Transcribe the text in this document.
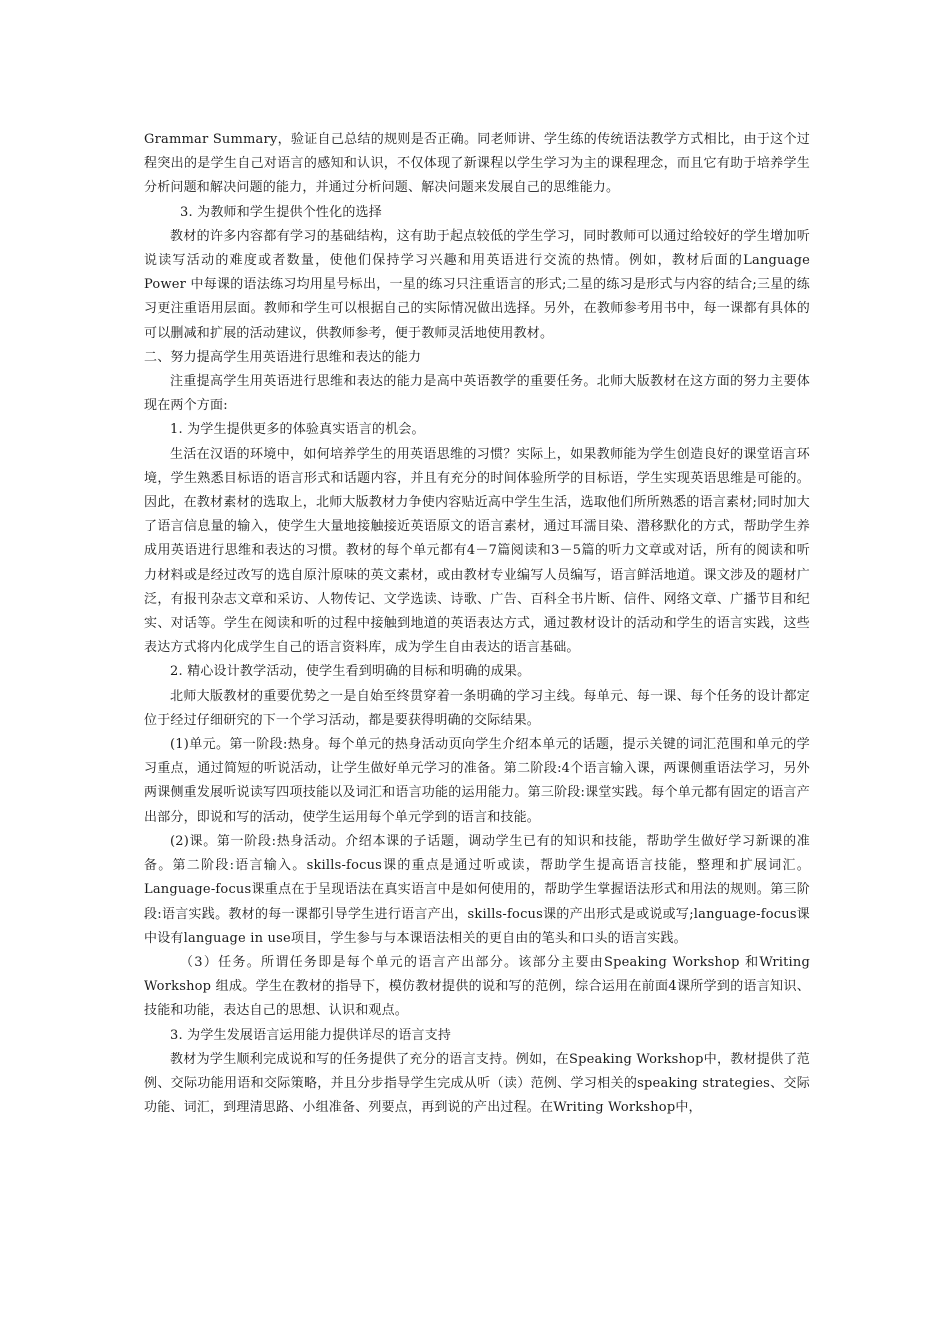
Grammar Summary，验证自己总结的规则是否正确。同老师讲、学生练的传统语法教学方式相比，由于这个过程突出的是学生自己对语言的感知和认识，不仅体现了新课程以学生学习为主的课程理念，而且它有助于培养学生分析问题和解决问题的能力，并通过分析问题、解决问题来发展自己的思维能力。

3. 为教师和学生提供个性化的选择

教材的许多内容都有学习的基础结构，这有助于起点较低的学生学习，同时教师可以通过给较好的学生增加听说读写活动的难度或者数量，使他们保持学习兴趣和用英语进行交流的热情。例如，教材后面的Language Power 中每课的语法练习均用星号标出，一星的练习只注重语言的形式;二星的练习是形式与内容的结合;三星的练习更注重语用层面。教师和学生可以根据自己的实际情况做出选择。另外，在教师参考用书中，每一课都有具体的可以删减和扩展的活动建议，供教师参考，便于教师灵活地使用教材。

二、努力提高学生用英语进行思维和表达的能力

注重提高学生用英语进行思维和表达的能力是高中英语教学的重要任务。北师大版教材在这方面的努力主要体现在两个方面:

1. 为学生提供更多的体验真实语言的机会。

生活在汉语的环境中，如何培养学生的用英语思维的习惯？实际上，如果教师能为学生创造良好的课堂语言环境，学生熟悉目标语的语言形式和话题内容，并且有充分的时间体验所学的目标语，学生实现英语思维是可能的。因此，在教材素材的选取上，北师大版教材力争使内容贴近高中学生生活，选取他们所所熟悉的语言素材;同时加大了语言信息量的输入，使学生大量地接触接近英语原文的语言素材，通过耳濡目染、潜移默化的方式，帮助学生养成用英语进行思维和表达的习惯。教材的每个单元都有4－7篇阅读和3－5篇的听力文章或对话，所有的阅读和听力材料或是经过改写的选自原汁原味的英文素材，或由教材专业编写人员编写，语言鲜活地道。课文涉及的题材广泛，有报刊杂志文章和采访、人物传记、文学选读、诗歌、广告、百科全书片断、信件、网络文章、广播节目和纪实、对话等。学生在阅读和听的过程中接触到地道的英语表达方式，通过教材设计的活动和学生的语言实践，这些表达方式将内化成学生自己的语言资料库，成为学生自由表达的语言基础。

2. 精心设计教学活动，使学生看到明确的目标和明确的成果。

北师大版教材的重要优势之一是自始至终贯穿着一条明确的学习主线。每单元、每一课、每个任务的设计都定位于经过仔细研究的下一个学习活动，都是要获得明确的交际结果。

(1)单元。第一阶段:热身。每个单元的热身活动页向学生介绍本单元的话题，提示关键的词汇范围和单元的学习重点，通过简短的听说活动，让学生做好单元学习的准备。第二阶段:4个语言输入课，两课侧重语法学习，另外两课侧重发展听说读写四项技能以及词汇和语言功能的运用能力。第三阶段:课堂实践。每个单元都有固定的语言产出部分，即说和写的活动，使学生运用每个单元学到的语言和技能。

(2)课。第一阶段:热身活动。介绍本课的子话题，调动学生已有的知识和技能，帮助学生做好学习新课的准备。第二阶段:语言输入。skills-focus课的重点是通过听或读，帮助学生提高语言技能，整理和扩展词汇。Language-focus课重点在于呈现语法在真实语言中是如何使用的，帮助学生掌握语法形式和用法的规则。第三阶段:语言实践。教材的每一课都引导学生进行语言产出，skills-focus课的产出形式是或说或写;language-focus课中设有language in use项目，学生参与与本课语法相关的更自由的笔头和口头的语言实践。

（3）任务。所谓任务即是每个单元的语言产出部分。该部分主要由Speaking Workshop 和Writing Workshop 组成。学生在教材的指导下，模仿教材提供的说和写的范例，综合运用在前面4课所学到的语言知识、技能和功能，表达自己的思想、认识和观点。

3. 为学生发展语言运用能力提供详尽的语言支持

教材为学生顺利完成说和写的任务提供了充分的语言支持。例如，在Speaking Workshop中，教材提供了范例、交际功能用语和交际策略，并且分步指导学生完成从听（读）范例、学习相关的speaking strategies、交际功能、词汇，到理清思路、小组准备、列要点，再到说的产出过程。在Writing Workshop中，
